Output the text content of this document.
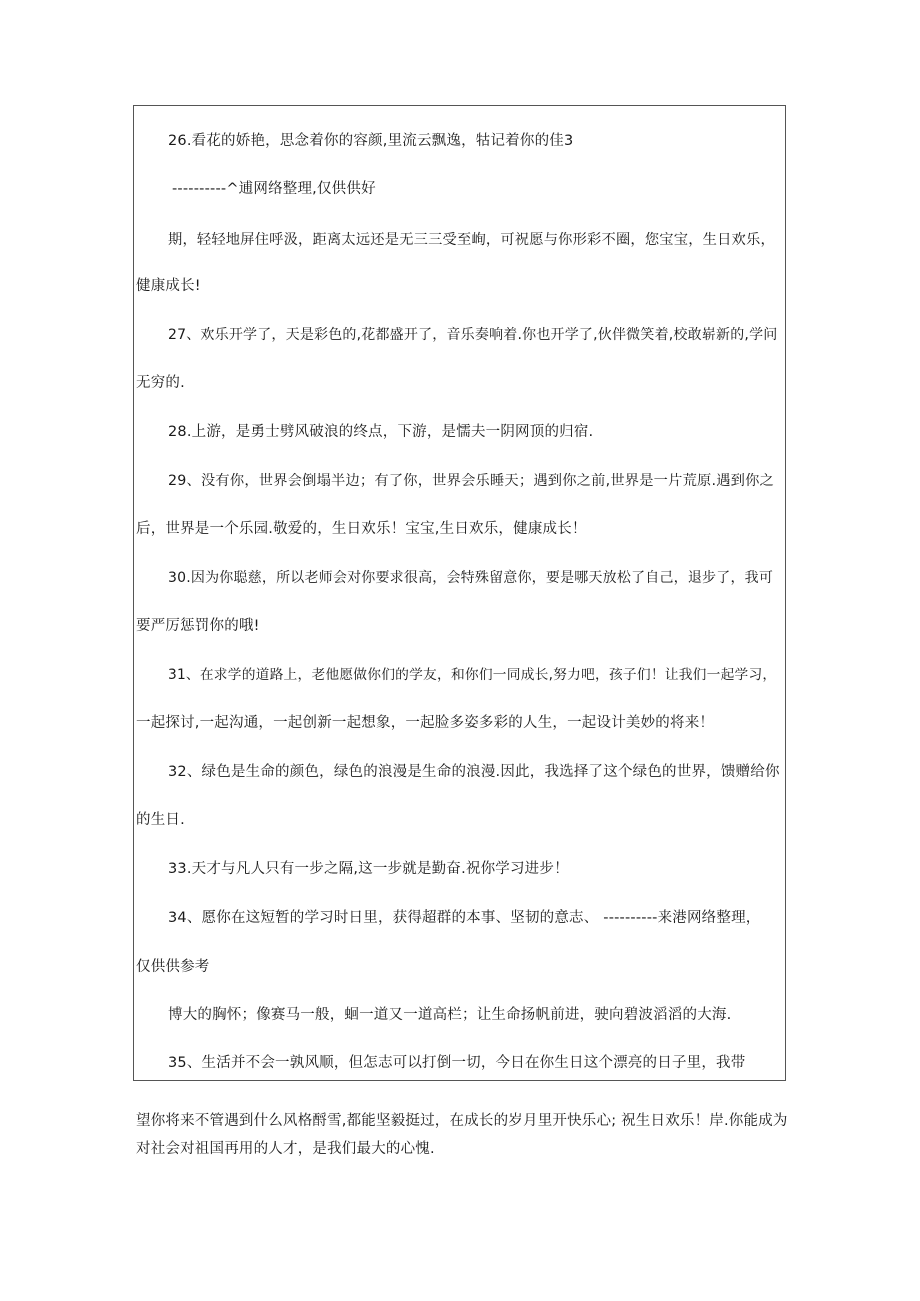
26.看花的娇艳，思念着你的容颜,里流云飘逸，牯记着你的佳3
----------^逋网络整理,仅供供好
期，轻轻地屏住呼汲，距离太远还是无三三受至峋，可祝愿与你形彩不圈，您宝宝，生日欢乐，
健康成长!
27、欢乐开学了，天是彩色的,花都盛开了，音乐奏响着.你也开学了,伙伴微笑着,校敢崭新的,学问
无穷的.
28.上游，是勇士劈风破浪的终点，下游，是懦夫一阴网顶的归宿.
29、没有你，世界会倒塌半边；有了你，世界会乐睡天；遇到你之前,世界是一片荒原.遇到你之
后，世界是一个乐园.敬爱的，生日欢乐！宝宝,生日欢乐，健康成长！
30.因为你聪慈，所以老师会对你要求很高，会特殊留意你，要是哪天放松了自己，退步了，我可
要严厉惩罚你的哦!
31、在求学的道路上，老他愿做你们的学友，和你们一同成长,努力吧，孩子们！让我们一起学习，
一起探讨,一起沟通，一起创新一起想象，一起脸多姿多彩的人生，一起设计美妙的将来！
32、绿色是生命的颜色，绿色的浪漫是生命的浪漫.因此，我选择了这个绿色的世界，馈赠给你
的生日.
33.天才与凡人只有一步之隔,这一步就是勤奋.祝你学习进步！
34、愿你在这短暂的学习时日里，获得超群的本事、坚韧的意志、 ----------来港网络整理，
仅供供参考
博大的胸怀；像赛马一般，蛔一道又一道高栏；让生命扬帆前进，驶向碧波滔滔的大海.
35、生活并不会一孰风顺，但怎志可以打倒一切，今日在你生日这个漂亮的日子里，我带
望你将来不管遇到什么风格酹雪,都能坚毅挺过，在成长的岁月里开快乐心; 祝生日欢乐！岸.你能成为
对社会对祖国再用的人才，是我们最大的心愧.
